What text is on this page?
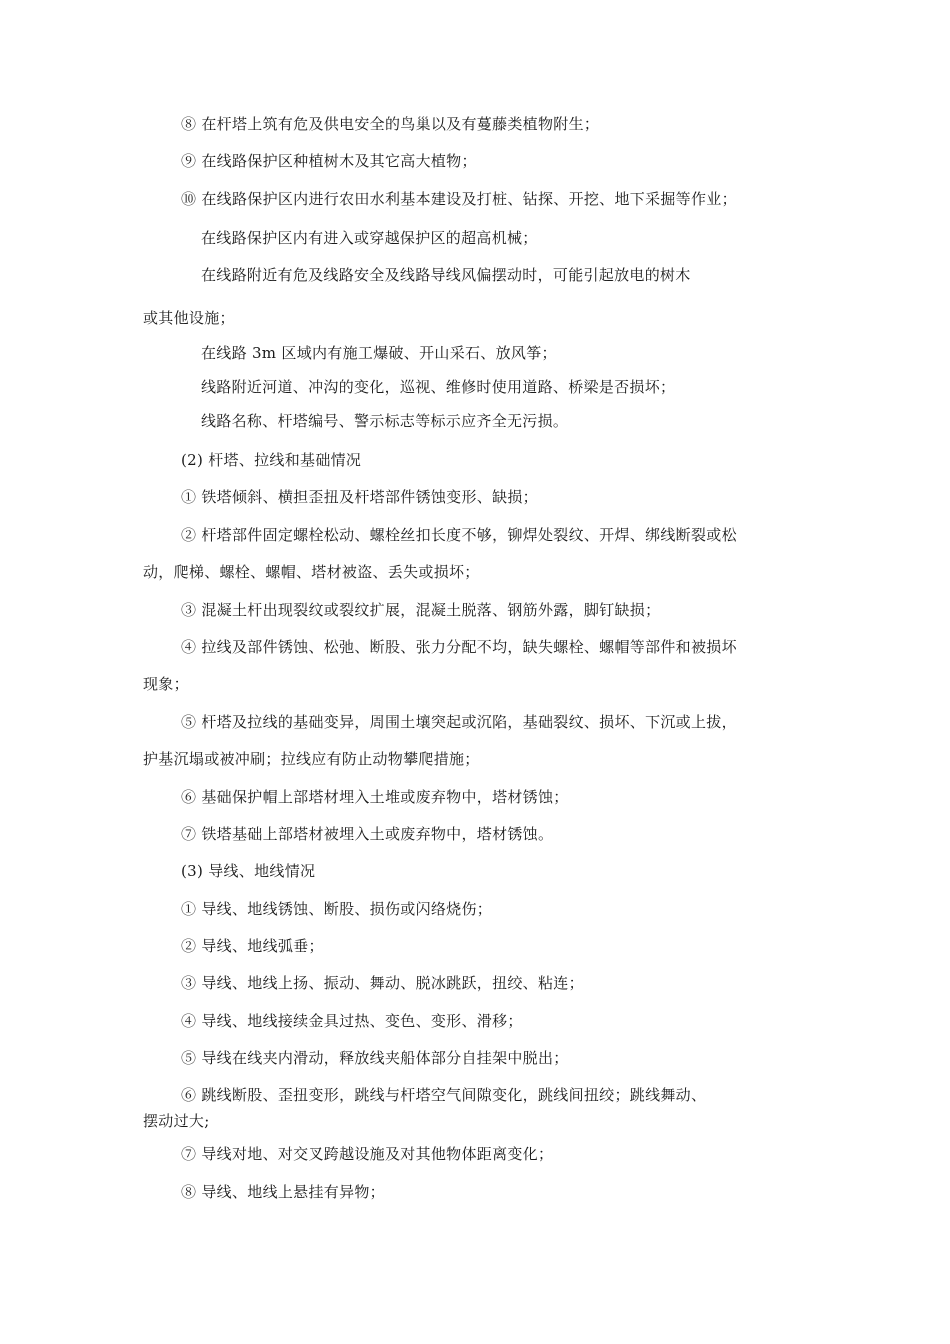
⑧ 在杆塔上筑有危及供电安全的鸟巢以及有蔓藤类植物附生；
⑨ 在线路保护区种植树木及其它高大植物；
⑩ 在线路保护区内进行农田水利基本建设及打桩、钻探、开挖、地下采掘等作业；
在线路保护区内有进入或穿越保护区的超高机械；
在线路附近有危及线路安全及线路导线风偏摆动时，可能引起放电的树木
或其他设施；
在线路 3m 区域内有施工爆破、开山采石、放风筝；
线路附近河道、冲沟的变化，巡视、维修时使用道路、桥梁是否损坏；
线路名称、杆塔编号、警示标志等标示应齐全无污损。
(2) 杆塔、拉线和基础情况
① 铁塔倾斜、横担歪扭及杆塔部件锈蚀变形、缺损；
② 杆塔部件固定螺栓松动、螺栓丝扣长度不够，铆焊处裂纹、开焊、绑线断裂或松
动，爬梯、螺栓、螺帽、塔材被盗、丢失或损坏；
③ 混凝土杆出现裂纹或裂纹扩展，混凝土脱落、钢筋外露，脚钉缺损；
④ 拉线及部件锈蚀、松弛、断股、张力分配不均，缺失螺栓、螺帽等部件和被损坏
现象；
⑤ 杆塔及拉线的基础变异，周围土壤突起或沉陷，基础裂纹、损坏、下沉或上拔，
护基沉塌或被冲刷；拉线应有防止动物攀爬措施；
⑥ 基础保护帽上部塔材埋入土堆或废弃物中，塔材锈蚀；
⑦ 铁塔基础上部塔材被埋入土或废弃物中，塔材锈蚀。
(3) 导线、地线情况
① 导线、地线锈蚀、断股、损伤或闪络烧伤；
② 导线、地线弧垂；
③ 导线、地线上扬、振动、舞动、脱冰跳跃，扭绞、粘连；
④ 导线、地线接续金具过热、变色、变形、滑移；
⑤ 导线在线夹内滑动，释放线夹船体部分自挂架中脱出；
⑥ 跳线断股、歪扭变形，跳线与杆塔空气间隙变化，跳线间扭绞；跳线舞动、
摆动过大;
⑦ 导线对地、对交叉跨越设施及对其他物体距离变化；
⑧ 导线、地线上悬挂有异物；
